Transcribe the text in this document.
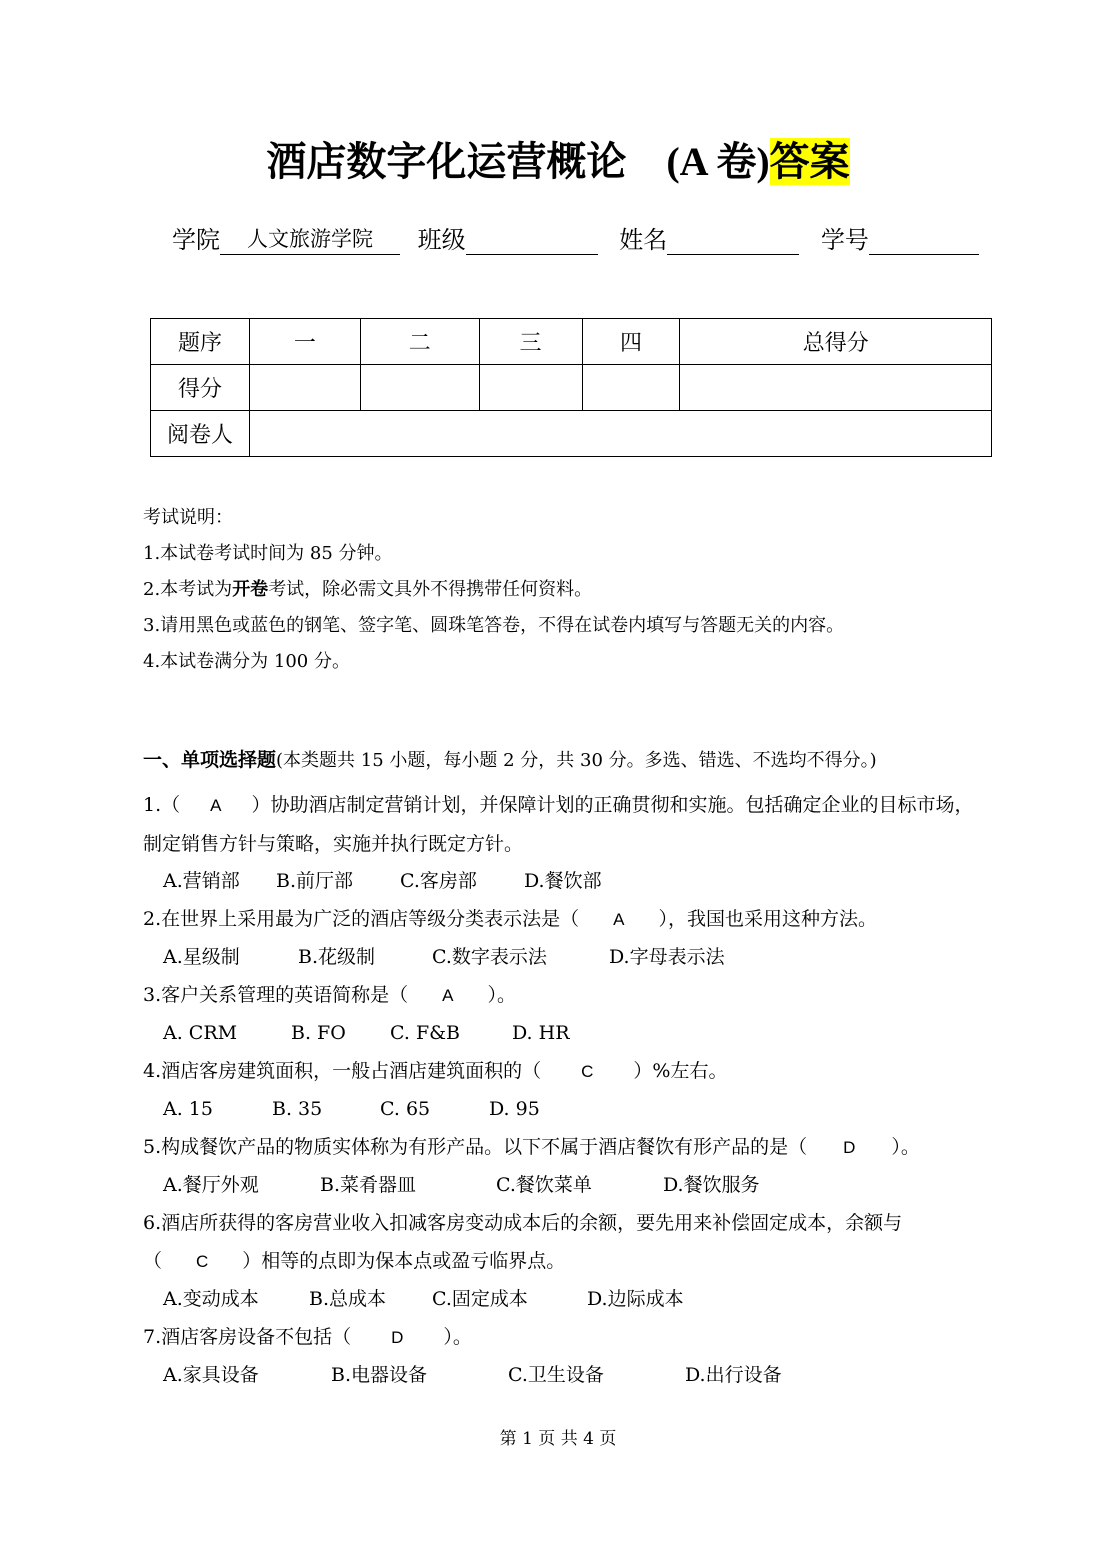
酒店数字化运营概论 (A 卷)答案
学院 人文旅游学院 班级	姓名	学号
题序	一	二	三	四	总得分
得分					
阅卷人					
考试说明：
1.本试卷考试时间为 85 分钟。
2.本考试为开卷考试，除必需文具外不得携带任何资料。
3.请用黑色或蓝色的钢笔、签字笔、圆珠笔答卷，不得在试卷内填写与答题无关的内容。
4.本试卷满分为 100 分。
一、单项选择题(本类题共 15 小题，每小题 2 分，共 30 分。多选、错选、不选均不得分。)
1.（ A ）协助酒店制定营销计划，并保障计划的正确贯彻和实施。包括确定企业的目标市场，制定销售方针与策略，实施并执行既定方针。
A.营销部 B.前厅部 C.客房部 D.餐饮部
2.在世界上采用最为广泛的酒店等级分类表示法是（ A ），我国也采用这种方法。
A.星级制	B.花级制	C.数字表示法	D.字母表示法
3.客户关系管理的英语简称是（ A ）。
A. CRM	B. FO C. F&B	D. HR
4.酒店客房建筑面积，一般占酒店建筑面积的（ C ）%左右。
A. 15	B. 35	C. 65	D. 95
5.构成餐饮产品的物质实体称为有形产品。以下不属于酒店餐饮有形产品的是（ D ）。
A.餐厅外观	B.菜肴器皿	C.餐饮菜单	D.餐饮服务
6.酒店所获得的客房营业收入扣减客房变动成本后的余额，要先用来补偿固定成本，余额与（ C ）相等的点即为保本点或盈亏临界点。
A.变动成本	B.总成本 C.固定成本	D.边际成本
7.酒店客房设备不包括（ D ）。
A.家具设备	B.电器设备	C.卫生设备	D.出行设备
第 1 页 共 4 页
